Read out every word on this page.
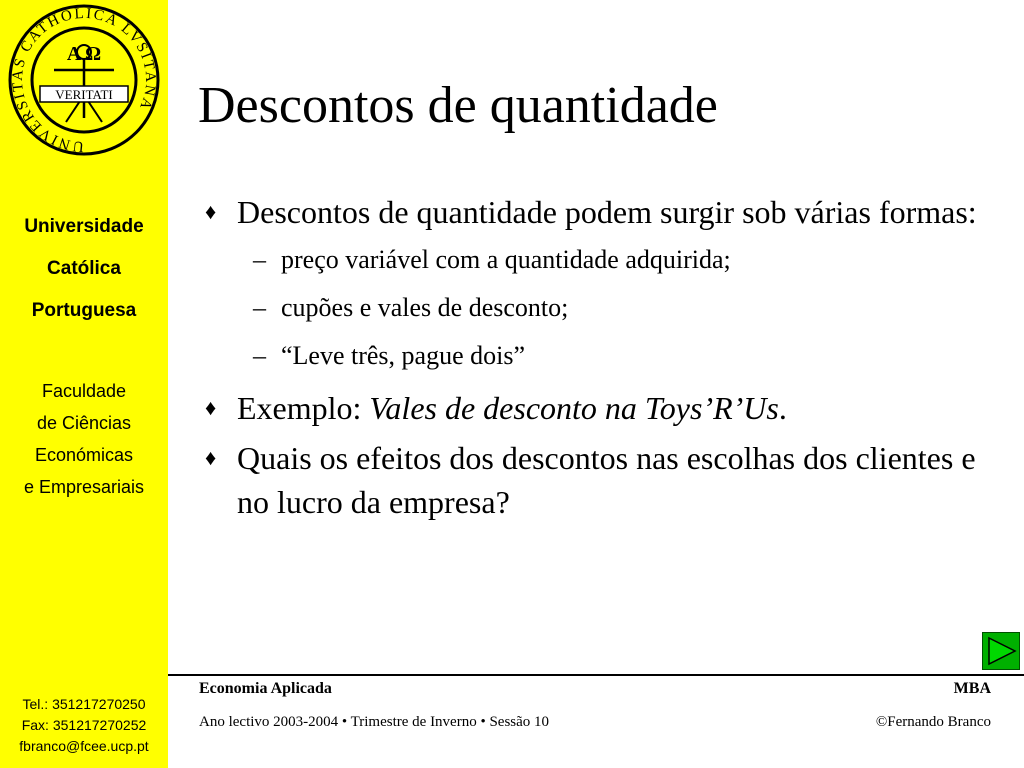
UNIVERSITAS CATHOLICA LVSITANA
A Ω
VERITATI
Universidade
Católica
Portuguesa
Faculdade
de Ciências
Económicas
e Empresariais
Tel.: 351217270250
Fax: 351217270252
fbranco@fcee.ucp.pt
Descontos de quantidade
♦ Descontos de quantidade podem surgir sob várias formas:
– preço variável com a quantidade adquirida;
– cupões e vales de desconto;
– “Leve três, pague dois”
♦ Exemplo: Vales de desconto na Toys’R’Us.
♦ Quais os efeitos dos descontos nas escolhas dos clientes e no lucro da empresa?
Economia Aplicada	MBA
Ano lectivo 2003-2004 • Trimestre de Inverno • Sessão 10	©Fernando Branco
